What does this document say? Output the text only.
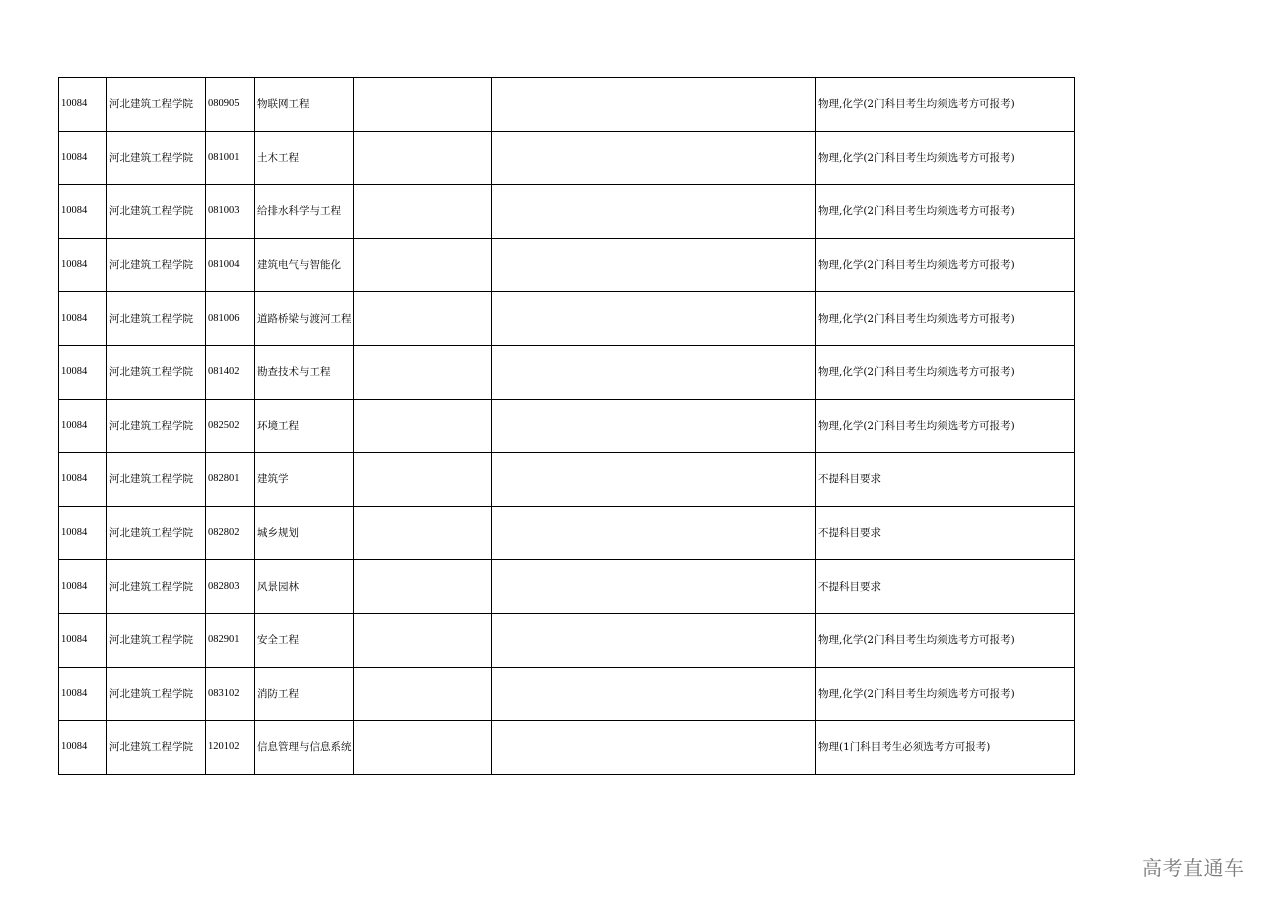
10084	河北建筑工程学院	080905	物联网工程			物理,化学(2门科目考生均须选考方可报考)
10084	河北建筑工程学院	081001	土木工程			物理,化学(2门科目考生均须选考方可报考)
10084	河北建筑工程学院	081003	给排水科学与工程			物理,化学(2门科目考生均须选考方可报考)
10084	河北建筑工程学院	081004	建筑电气与智能化			物理,化学(2门科目考生均须选考方可报考)
10084	河北建筑工程学院	081006	道路桥梁与渡河工程			物理,化学(2门科目考生均须选考方可报考)
10084	河北建筑工程学院	081402	勘查技术与工程			物理,化学(2门科目考生均须选考方可报考)
10084	河北建筑工程学院	082502	环境工程			物理,化学(2门科目考生均须选考方可报考)
10084	河北建筑工程学院	082801	建筑学			不提科目要求
10084	河北建筑工程学院	082802	城乡规划			不提科目要求
10084	河北建筑工程学院	082803	风景园林			不提科目要求
10084	河北建筑工程学院	082901	安全工程			物理,化学(2门科目考生均须选考方可报考)
10084	河北建筑工程学院	083102	消防工程			物理,化学(2门科目考生均须选考方可报考)
10084	河北建筑工程学院	120102	信息管理与信息系统			物理(1门科目考生必须选考方可报考)
高考直通车
